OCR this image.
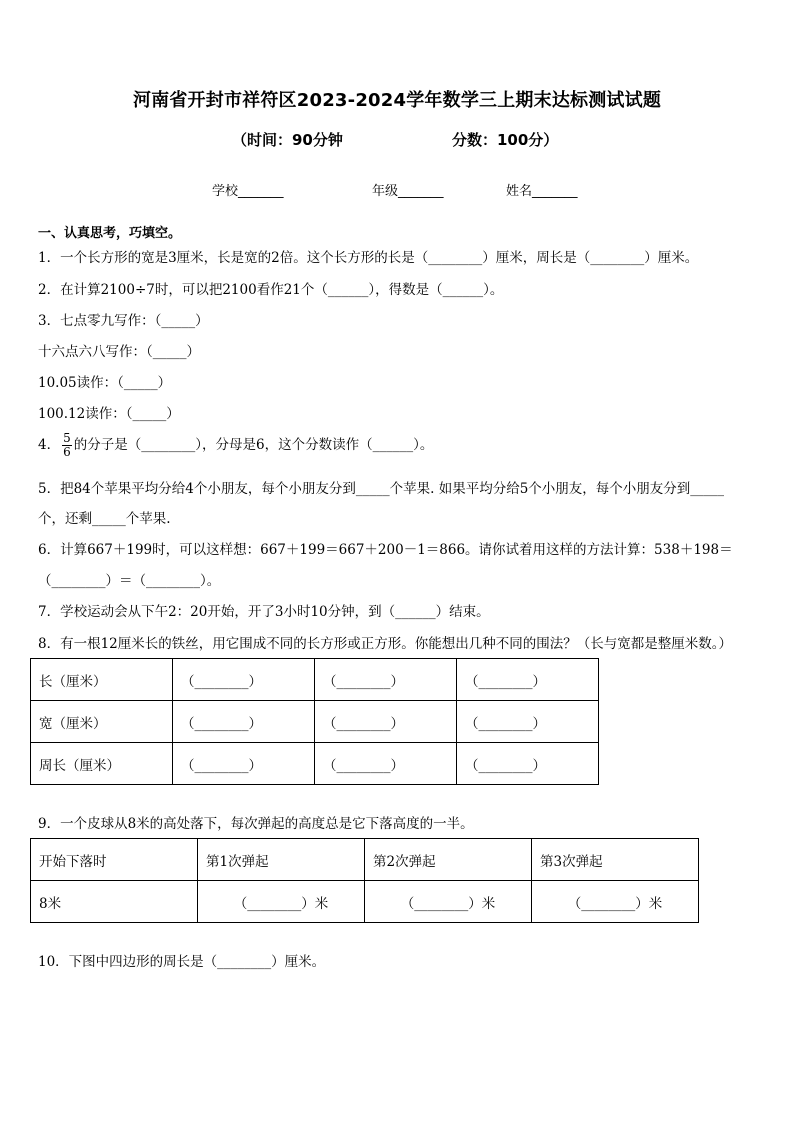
河南省开封市祥符区2023-2024学年数学三上期末达标测试试题
（时间：90分钟	分数：100分）
学校_______	年级_______	姓名_______
一、认真思考，巧填空。
1．一个长方形的宽是3厘米，长是宽的2倍。这个长方形的长是（________）厘米，周长是（________）厘米。
2．在计算2100÷7时，可以把2100看作21个（______），得数是（______）。
3．七点零九写作：（_____）
十六点六八写作：（_____）
10.05读作：（_____）
100.12读作：（_____）
4． $\frac{5}{6}$ 的分子是（________），分母是6，这个分数读作（______）。
5．把84个苹果平均分给4个小朋友，每个小朋友分到_____个苹果. 如果平均分给5个小朋友，每个小朋友分到_____
个，还剩_____个苹果.
6．计算667＋199时，可以这样想：667＋199＝667＋200－1＝866。请你试着用这样的方法计算：538＋198＝
（________）＝（________）。
7．学校运动会从下午2：20开始，开了3小时10分钟，到（______）结束。
8．有一根12厘米长的铁丝，用它围成不同的长方形或正方形。你能想出几种不同的围法？（长与宽都是整厘米数。）
长（厘米）	（________）	（________）	（________）
宽（厘米）	（________）	（________）	（________）
周长（厘米）	（________）	（________）	（________）
9．一个皮球从8米的高处落下，每次弹起的高度总是它下落高度的一半。
开始下落时	第1次弹起	第2次弹起	第3次弹起
8米	（________）米	（________）米	（________）米
10．下图中四边形的周长是（________）厘米。
